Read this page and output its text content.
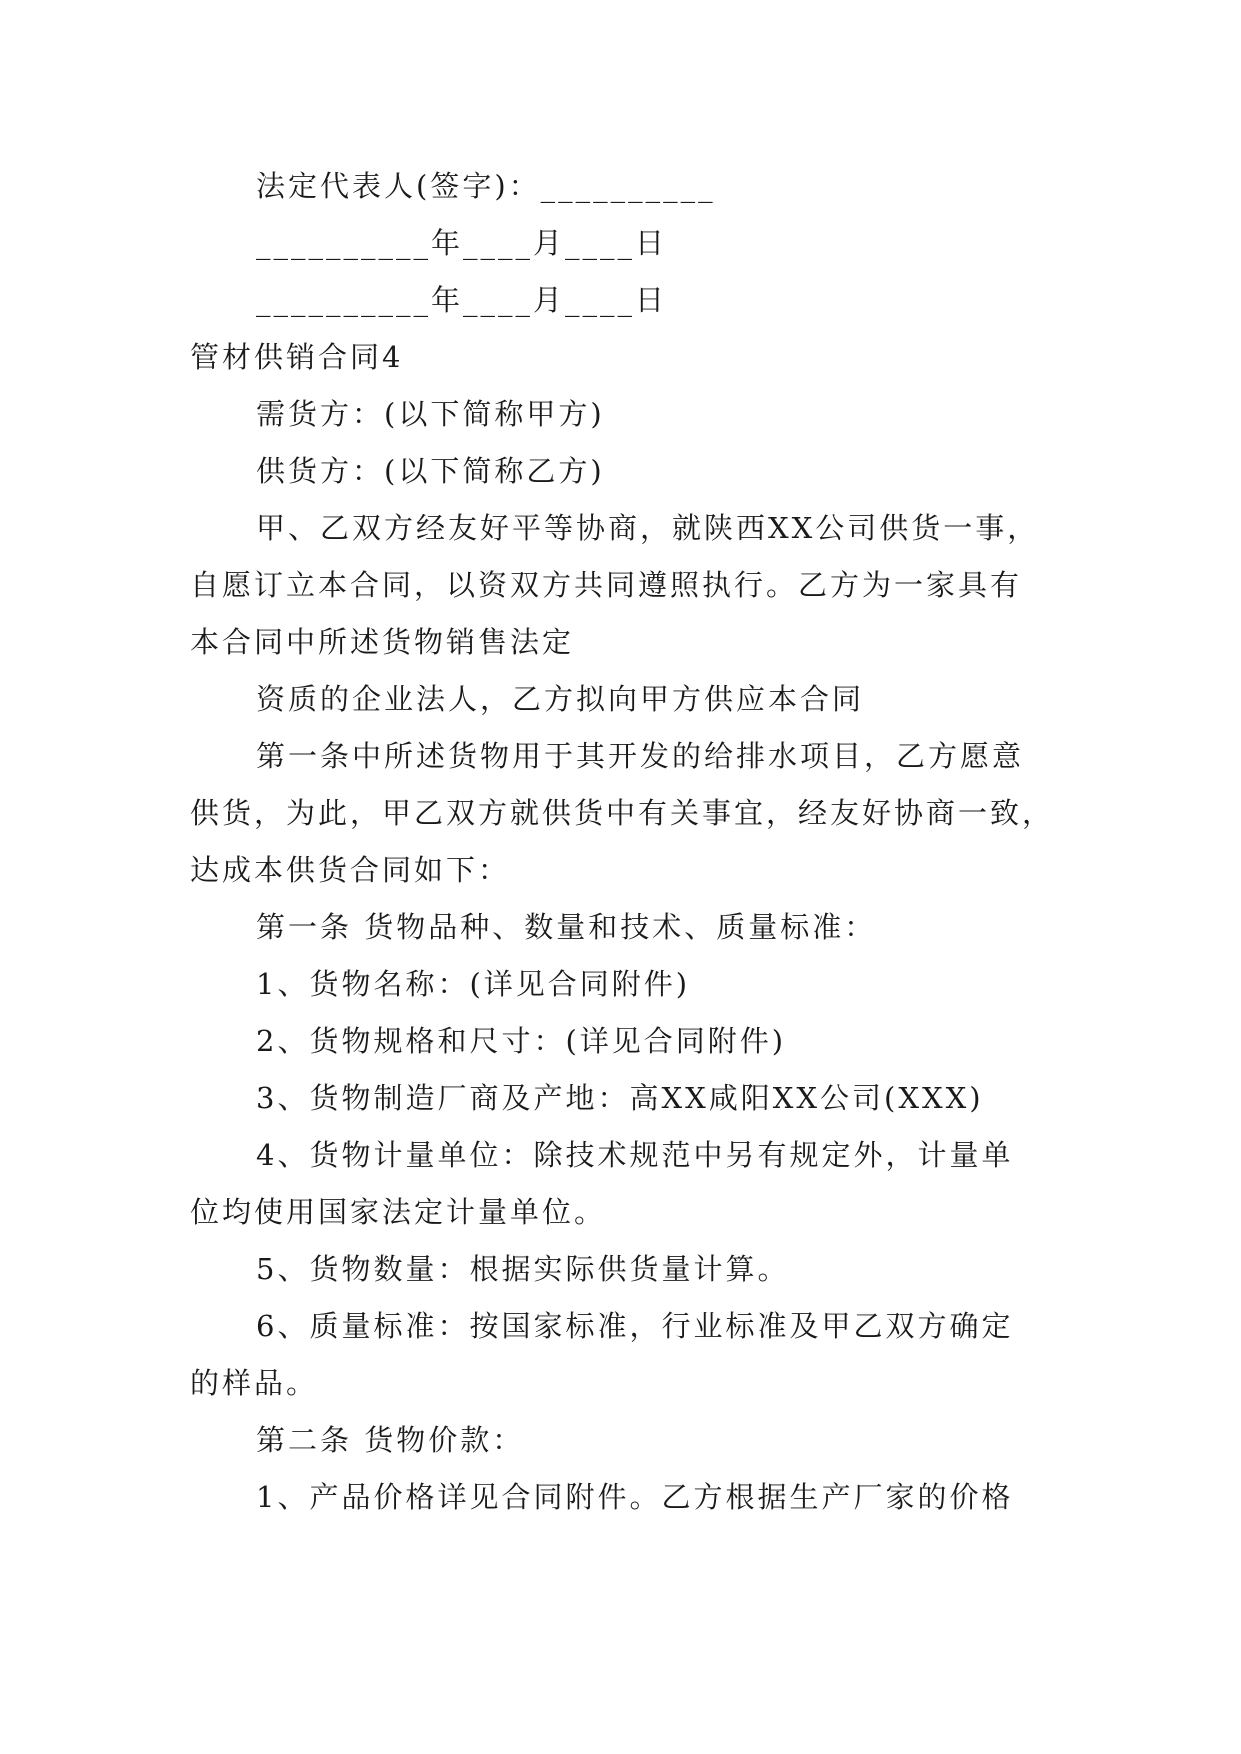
法定代表人(签字)：__________
__________年____月____日
__________年____月____日
管材供销合同4
需货方：(以下简称甲方)
供货方：(以下简称乙方)
甲、乙双方经友好平等协商，就陕西XX公司供货一事，
自愿订立本合同，以资双方共同遵照执行。乙方为一家具有
本合同中所述货物销售法定
资质的企业法人，乙方拟向甲方供应本合同
第一条中所述货物用于其开发的给排水项目，乙方愿意
供货，为此，甲乙双方就供货中有关事宜，经友好协商一致，
达成本供货合同如下：
第一条 货物品种、数量和技术、质量标准：
1、货物名称：(详见合同附件)
2、货物规格和尺寸：(详见合同附件)
3、货物制造厂商及产地：高XX咸阳XX公司(XXX)
4、货物计量单位：除技术规范中另有规定外，计量单
位均使用国家法定计量单位。
5、货物数量：根据实际供货量计算。
6、质量标准：按国家标准，行业标准及甲乙双方确定
的样品。
第二条 货物价款：
1、产品价格详见合同附件。乙方根据生产厂家的价格
